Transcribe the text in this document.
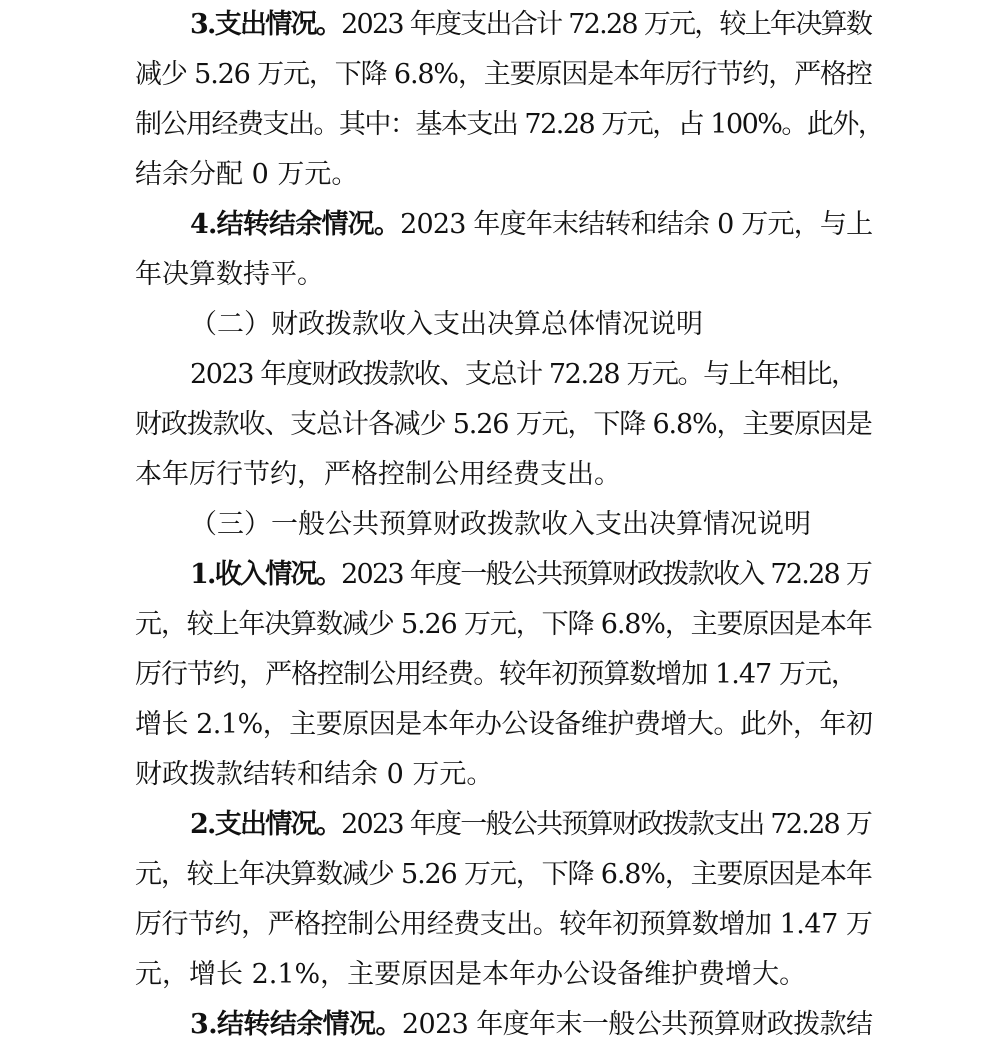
3.支出情况。2023 年度支出合计 72.28 万元，较上年决算数
减少 5.26 万元，下降 6.8%，主要原因是本年厉行节约，严格控
制公用经费支出。其中：基本支出 72.28 万元，占 100%。此外，
结余分配 0 万元。
4.结转结余情况。2023 年度年末结转和结余 0 万元，与上
年决算数持平。
（二）财政拨款收入支出决算总体情况说明
2023 年度财政拨款收、支总计 72.28 万元。与上年相比，
财政拨款收、支总计各减少 5.26 万元，下降 6.8%，主要原因是
本年厉行节约，严格控制公用经费支出。
（三）一般公共预算财政拨款收入支出决算情况说明
1.收入情况。2023 年度一般公共预算财政拨款收入 72.28 万
元，较上年决算数减少 5.26 万元，下降 6.8%，主要原因是本年
厉行节约，严格控制公用经费。较年初预算数增加 1.47 万元，
增长 2.1%，主要原因是本年办公设备维护费增大。此外，年初
财政拨款结转和结余 0 万元。
2.支出情况。2023 年度一般公共预算财政拨款支出 72.28 万
元，较上年决算数减少 5.26 万元，下降 6.8%，主要原因是本年
厉行节约，严格控制公用经费支出。较年初预算数增加 1.47 万
元，增长 2.1%，主要原因是本年办公设备维护费增大。
3.结转结余情况。2023 年度年末一般公共预算财政拨款结
